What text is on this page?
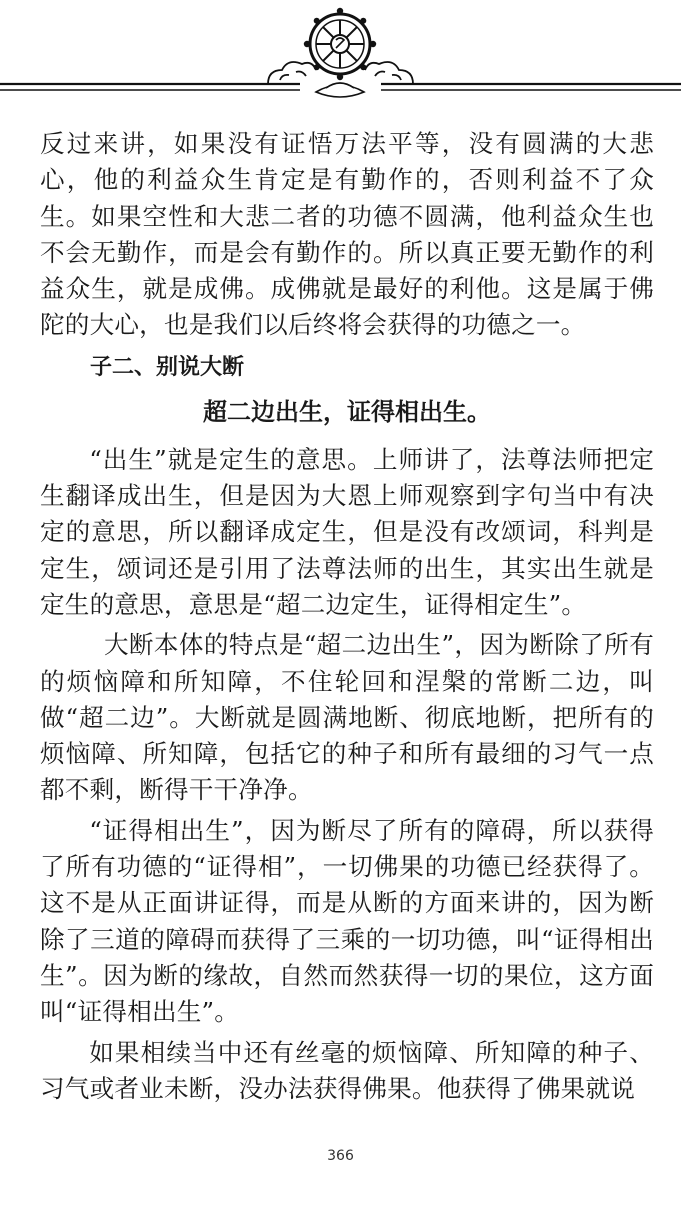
反过来讲，如果没有证悟万法平等，没有圆满的大悲心，他的利益众生肯定是有勤作的，否则利益不了众生。如果空性和大悲二者的功德不圆满，他利益众生也不会无勤作，而是会有勤作的。所以真正要无勤作的利益众生，就是成佛。成佛就是最好的利他。这是属于佛陀的大心，也是我们以后终将会获得的功德之一。

子二、别说大断
超二边出生，证得相出生。

“出生”就是定生的意思。上师讲了，法尊法师把定生翻译成出生，但是因为大恩上师观察到字句当中有决定的意思，所以翻译成定生，但是没有改颂词，科判是定生，颂词还是引用了法尊法师的出生，其实出生就是定生的意思，意思是“超二边定生，证得相定生”。

大断本体的特点是“超二边出生”，因为断除了所有的烦恼障和所知障，不住轮回和涅槃的常断二边，叫做“超二边”。大断就是圆满地断、彻底地断，把所有的烦恼障、所知障，包括它的种子和所有最细的习气一点都不剩，断得干干净净。

“证得相出生”，因为断尽了所有的障碍，所以获得了所有功德的“证得相”，一切佛果的功德已经获得了。这不是从正面讲证得，而是从断的方面来讲的，因为断除了三道的障碍而获得了三乘的一切功德，叫“证得相出生”。因为断的缘故，自然而然获得一切的果位，这方面叫“证得相出生”。

如果相续当中还有丝毫的烦恼障、所知障的种子、习气或者业未断，没办法获得佛果。他获得了佛果就说

366
